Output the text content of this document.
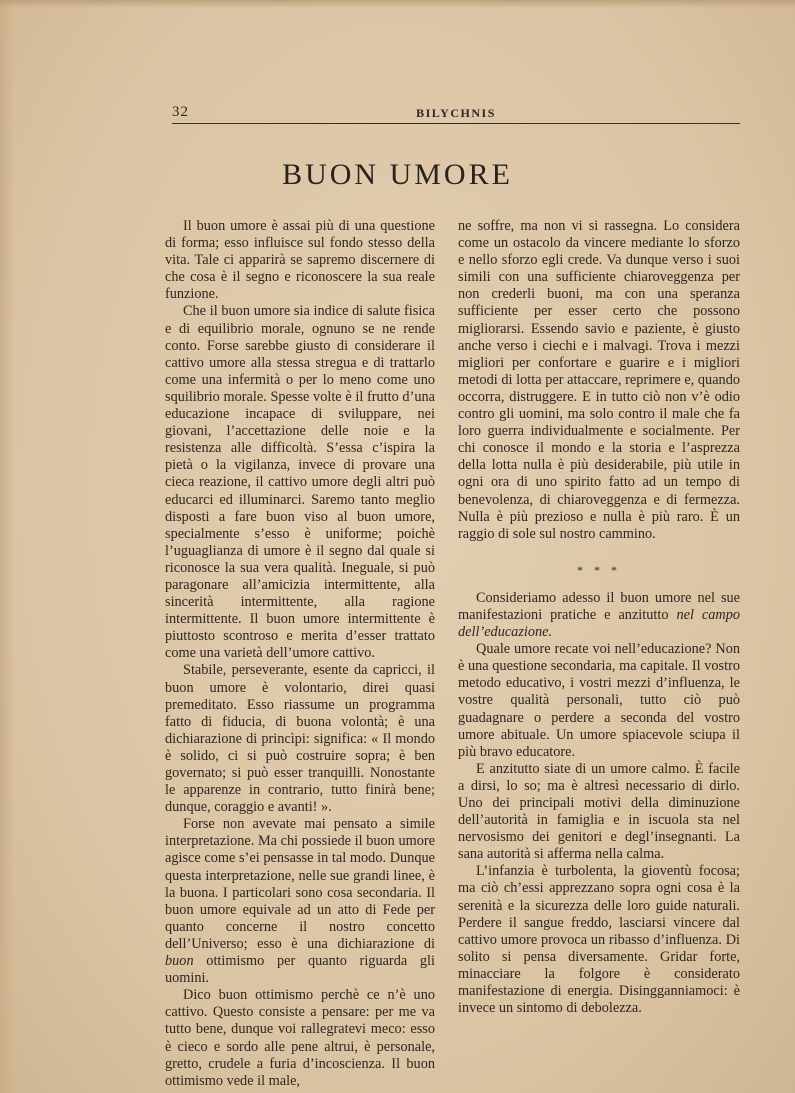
32	BILYCHNIS
BUON UMORE

Il buon umore è assai più di una questione di forma; esso influisce sul fondo stesso della vita. Tale ci apparirà se sapremo discernere di che cosa è il segno e riconoscere la sua reale funzione.

Che il buon umore sia indice di salute fisica e di equilibrio morale, ognuno se ne rende conto. Forse sarebbe giusto di considerare il cattivo umore alla stessa stregua e di trattarlo come una infermità o per lo meno come uno squilibrio morale. Spesse volte è il frutto d’una educazione incapace di sviluppare, nei giovani, l’accettazione delle noie e la resistenza alle difficoltà. S’essa c’ispira la pietà o la vigilanza, invece di provare una cieca reazione, il cattivo umore degli altri può educarci ed illuminarci. Saremo tanto meglio disposti a fare buon viso al buon umore, specialmente s’esso è uniforme; poichè l’uguaglianza di umore è il segno dal quale si riconosce la sua vera qualità. Ineguale, si può paragonare all’amicizia intermittente, alla sincerità intermittente, alla ragione intermittente. Il buon umore intermittente è piuttosto scontroso e merita d’esser trattato come una varietà dell’umore cattivo.

Stabile, perseverante, esente da capricci, il buon umore è volontario, direi quasi premeditato. Esso riassume un programma fatto di fiducia, di buona volontà; è una dichiarazione di princìpi: significa: « Il mondo è solido, ci si può costruire sopra; è ben governato; si può esser tranquilli. Nonostante le apparenze in contrario, tutto finirà bene; dunque, coraggio e avanti! ».

Forse non avevate mai pensato a simile interpretazione. Ma chi possiede il buon umore agisce come s’ei pensasse in tal modo. Dunque questa interpretazione, nelle sue grandi linee, è la buona. I particolari sono cosa secondaria. Il buon umore equivale ad un atto di Fede per quanto concerne il nostro concetto dell’Universo; esso è una dichiarazione di buon ottimismo per quanto riguarda gli uomini.

Dico buon ottimismo perchè ce n’è uno cattivo. Questo consiste a pensare: per me va tutto bene, dunque voi rallegratevi meco: esso è cieco e sordo alle pene altrui, è personale, gretto, crudele a furia d’incoscienza. Il buon ottimismo vede il male,

ne soffre, ma non vi si rassegna. Lo considera come un ostacolo da vincere mediante lo sforzo e nello sforzo egli crede. Va dunque verso i suoi simili con una sufficiente chiaroveggenza per non crederli buoni, ma con una speranza sufficiente per esser certo che possono migliorarsi. Essendo savio e paziente, è giusto anche verso i ciechi e i malvagi. Trova i mezzi migliori per confortare e guarire e i migliori metodi di lotta per attaccare, reprimere e, quando occorra, distruggere. E in tutto ciò non v’è odio contro gli uomini, ma solo contro il male che fa loro guerra individualmente e socialmente. Per chi conosce il mondo e la storia e l’asprezza della lotta nulla è più desiderabile, più utile in ogni ora di uno spirito fatto ad un tempo di benevolenza, di chiaroveggenza e di fermezza. Nulla è più prezioso e nulla è più raro. È un raggio di sole sul nostro cammino.

* * *

Consideriamo adesso il buon umore nel sue manifestazioni pratiche e anzitutto nel campo dell’educazione.

Quale umore recate voi nell’educazione? Non è una questione secondaria, ma capitale. Il vostro metodo educativo, i vostri mezzi d’influenza, le vostre qualità personali, tutto ciò può guadagnare o perdere a seconda del vostro umore abituale. Un umore spiacevole sciupa il più bravo educatore.

E anzitutto siate di un umore calmo. È facile a dirsi, lo so; ma è altresì necessario di dirlo. Uno dei principali motivi della diminuzione dell’autorità in famiglia e in iscuola sta nel nervosismo dei genitori e degl’insegnanti. La sana autorità si afferma nella calma.

L’infanzia è turbolenta, la gioventù focosa; ma ciò ch’essi apprezzano sopra ogni cosa è la serenità e la sicurezza delle loro guide naturali. Perdere il sangue freddo, lasciarsi vincere dal cattivo umore provoca un ribasso d’influenza. Di solito si pensa diversamente. Gridar forte, minacciare la folgore è considerato manifestazione di energia. Disingganniamoci: è invece un sintomo di debolezza.
